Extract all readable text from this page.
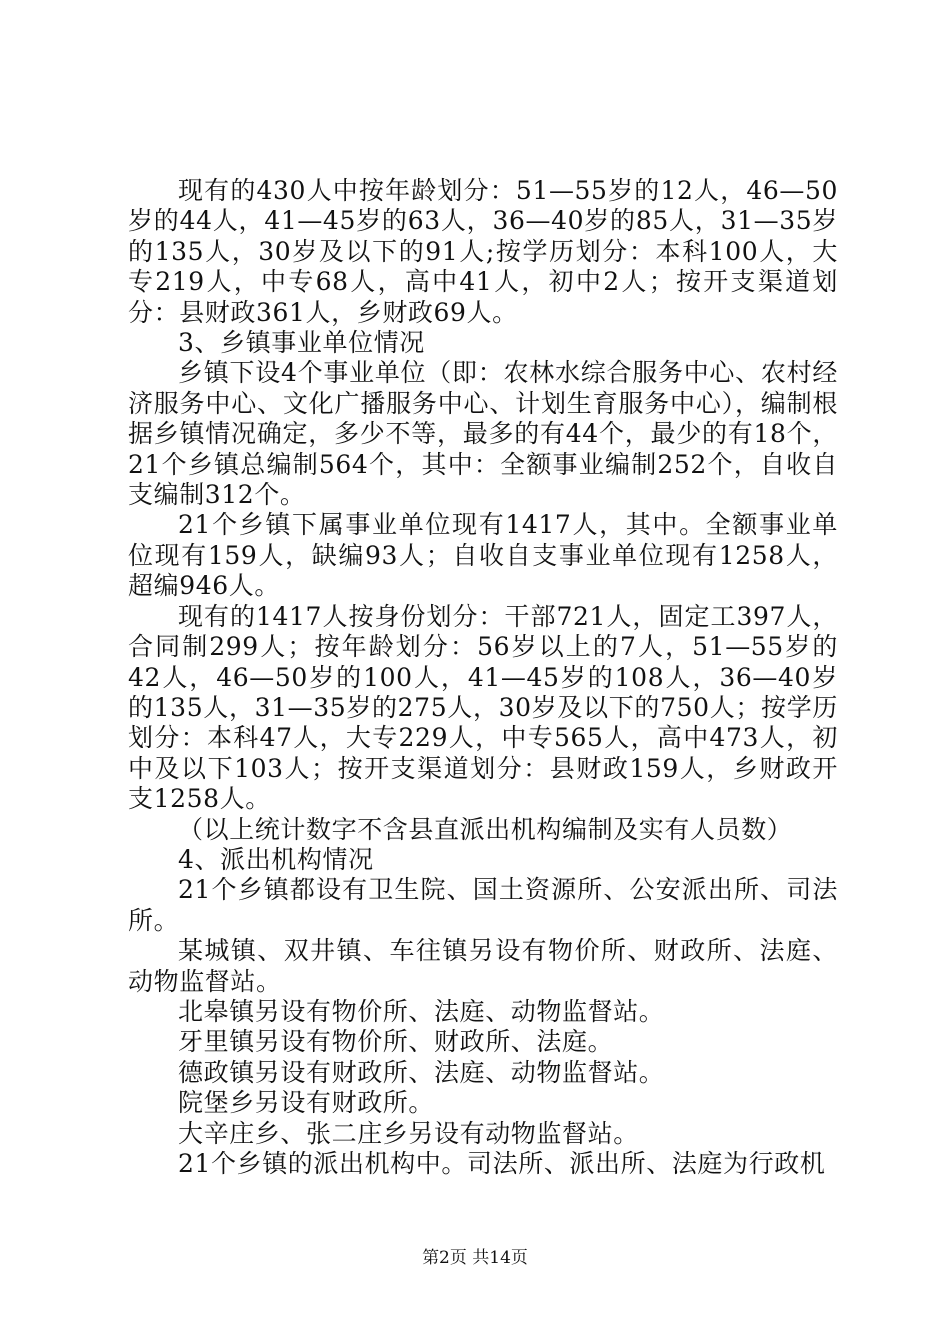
现有的430人中按年龄划分：51—55岁的12人，46—50岁的44人，41—45岁的63人，36—40岁的85人，31—35岁的135人，30岁及以下的91人;按学历划分：本科100人，大专219人，中专68人，高中41人，初中2人；按开支渠道划分：县财政361人，乡财政69人。

3、乡镇事业单位情况

乡镇下设4个事业单位（即：农林水综合服务中心、农村经济服务中心、文化广播服务中心、计划生育服务中心），编制根据乡镇情况确定，多少不等，最多的有44个，最少的有18个，21个乡镇总编制564个，其中：全额事业编制252个，自收自支编制312个。

21个乡镇下属事业单位现有1417人，其中。全额事业单位现有159人，缺编93人；自收自支事业单位现有1258人，超编946人。

现有的1417人按身份划分：干部721人，固定工397人，合同制299人；按年龄划分：56岁以上的7人，51—55岁的42人，46—50岁的100人，41—45岁的108人，36—40岁的135人，31—35岁的275人，30岁及以下的750人；按学历划分：本科47人，大专229人，中专565人，高中473人，初中及以下103人；按开支渠道划分：县财政159人，乡财政开支1258人。

（以上统计数字不含县直派出机构编制及实有人员数）

4、派出机构情况

21个乡镇都设有卫生院、国土资源所、公安派出所、司法所。

某城镇、双井镇、车往镇另设有物价所、财政所、法庭、动物监督站。

北皋镇另设有物价所、法庭、动物监督站。

牙里镇另设有物价所、财政所、法庭。

德政镇另设有财政所、法庭、动物监督站。

院堡乡另设有财政所。

大辛庄乡、张二庄乡另设有动物监督站。

21个乡镇的派出机构中。司法所、派出所、法庭为行政机

第2页 共14页
